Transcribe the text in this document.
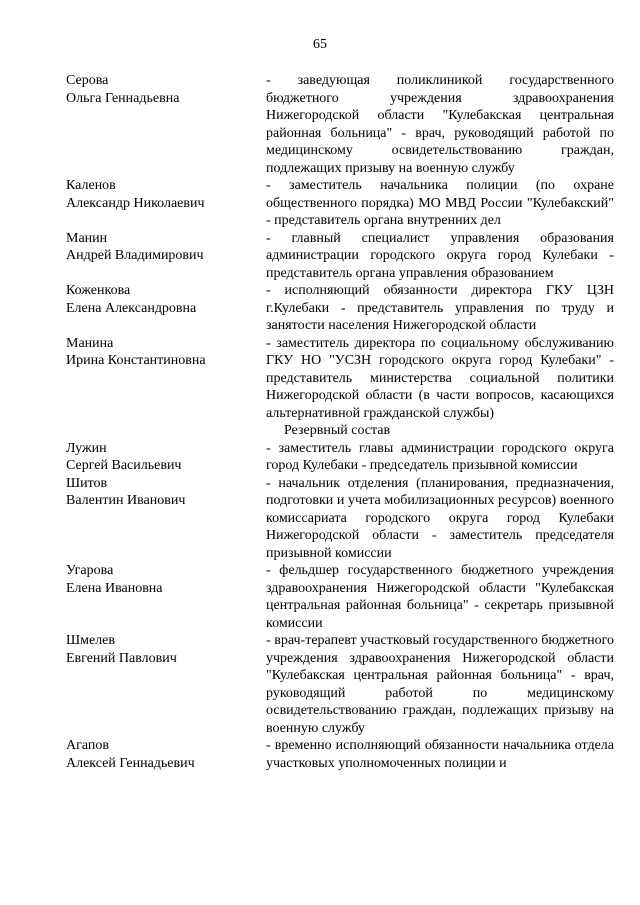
65
Серова
Ольга Геннадьевна
- заведующая поликлиникой государственного бюджетного учреждения здравоохранения Нижегородской области "Кулебакская центральная районная больница" - врач, руководящий работой по медицинскому освидетельствованию граждан, подлежащих призыву на военную службу
Каленов
Александр Николаевич
- заместитель начальника полиции (по охране общественного порядка) МО МВД России "Кулебакский" - представитель органа внутренних дел
Манин
Андрей Владимирович
- главный специалист управления образования администрации городского округа город Кулебаки - представитель органа управления образованием
Коженкова
Елена Александровна
- исполняющий обязанности директора ГКУ ЦЗН г.Кулебаки - представитель управления по труду и занятости населения Нижегородской области
Манина
Ирина Константиновна
- заместитель директора по социальному обслуживанию ГКУ НО "УСЗН городского округа город Кулебаки" - представитель министерства социальной политики Нижегородской области (в части вопросов, касающихся альтернативной гражданской службы)
Резервный состав
Лужин
Сергей Васильевич
- заместитель главы администрации городского округа город Кулебаки - председатель призывной комиссии
Шитов
Валентин Иванович
- начальник отделения (планирования, предназначения, подготовки и учета мобилизационных ресурсов) военного комиссариата городского округа город Кулебаки Нижегородской области - заместитель председателя призывной комиссии
Угарова
Елена Ивановна
- фельдшер государственного бюджетного учреждения здравоохранения Нижегородской области "Кулебакская центральная районная больница" - секретарь призывной комиссии
Шмелев
Евгений Павлович
- врач-терапевт участковый государственного бюджетного учреждения здравоохранения Нижегородской области "Кулебакская центральная районная больница" - врач, руководящий работой по медицинскому освидетельствованию граждан, подлежащих призыву на военную службу
Агапов
Алексей Геннадьевич
- временно исполняющий обязанности начальника отдела участковых уполномоченных полиции и
